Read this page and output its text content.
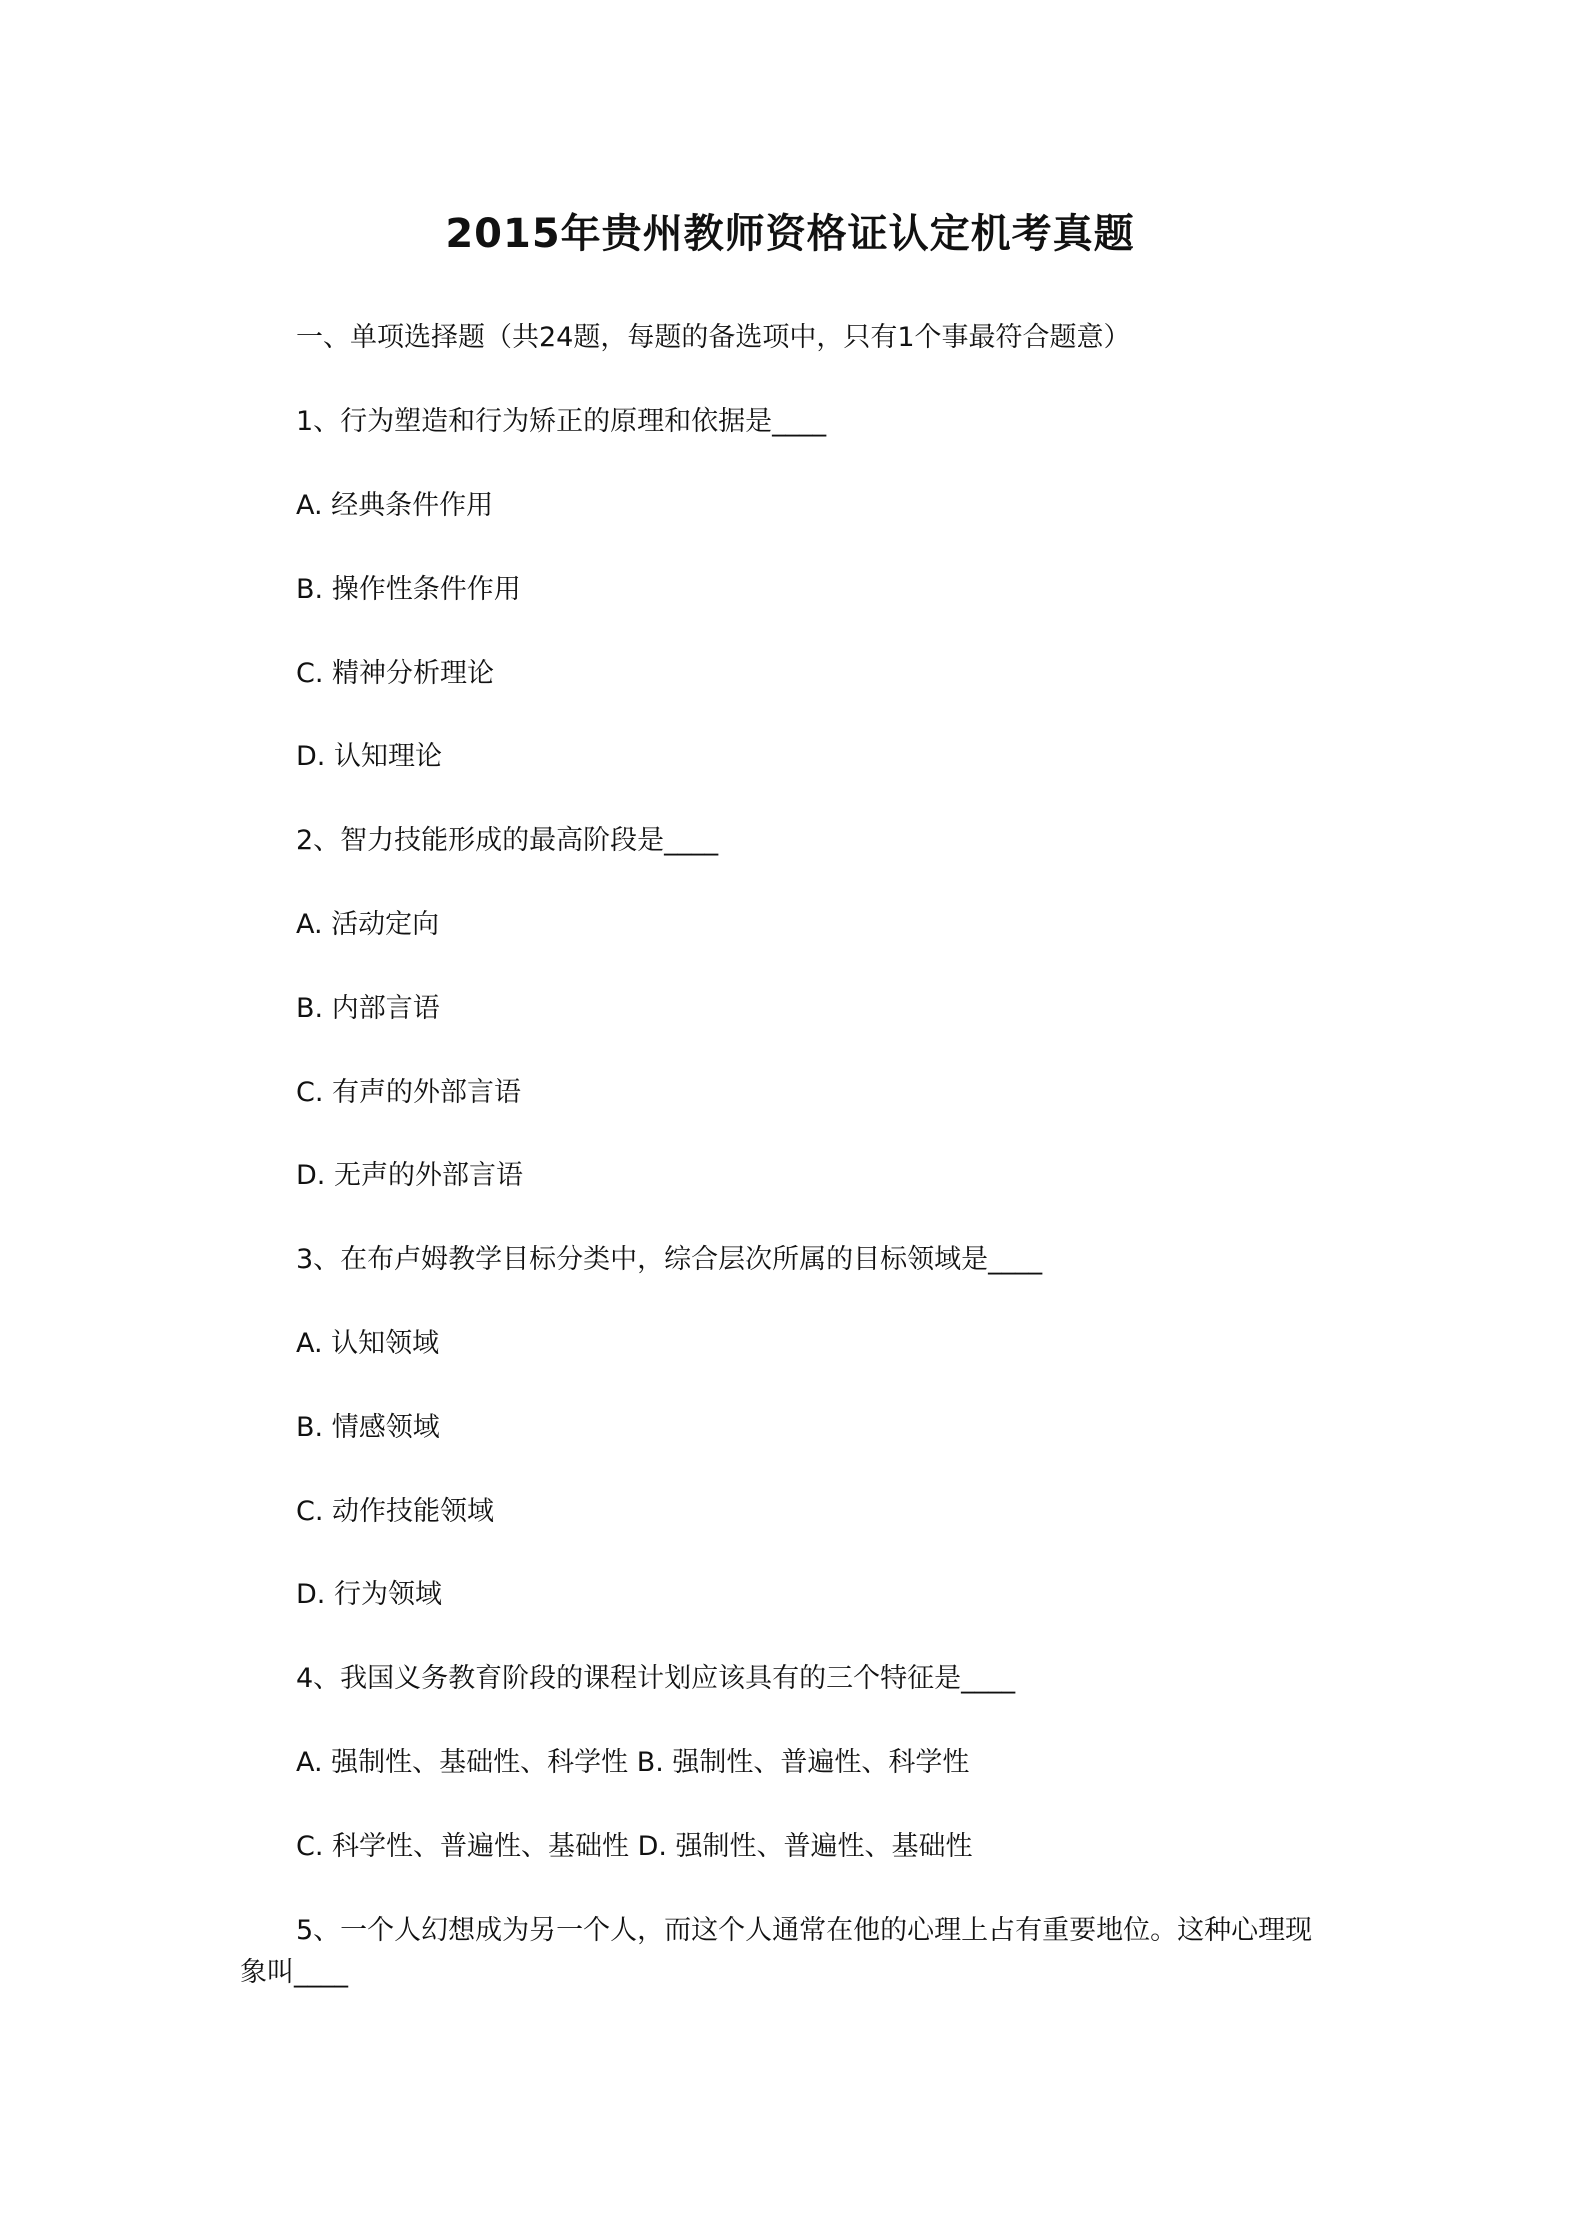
2015年贵州教师资格证认定机考真题
一、单项选择题（共24题，每题的备选项中，只有1个事最符合题意）
1、行为塑造和行为矫正的原理和依据是____
A. 经典条件作用
B. 操作性条件作用
C. 精神分析理论
D. 认知理论
2、智力技能形成的最高阶段是____
A. 活动定向
B. 内部言语
C. 有声的外部言语
D. 无声的外部言语
3、在布卢姆教学目标分类中，综合层次所属的目标领域是____
A. 认知领域
B. 情感领域
C. 动作技能领域
D. 行为领域
4、我国义务教育阶段的课程计划应该具有的三个特征是____
A. 强制性、基础性、科学性 B. 强制性、普遍性、科学性
C. 科学性、普遍性、基础性 D. 强制性、普遍性、基础性
5、一个人幻想成为另一个人，而这个人通常在他的心理上占有重要地位。这种心理现
象叫____
